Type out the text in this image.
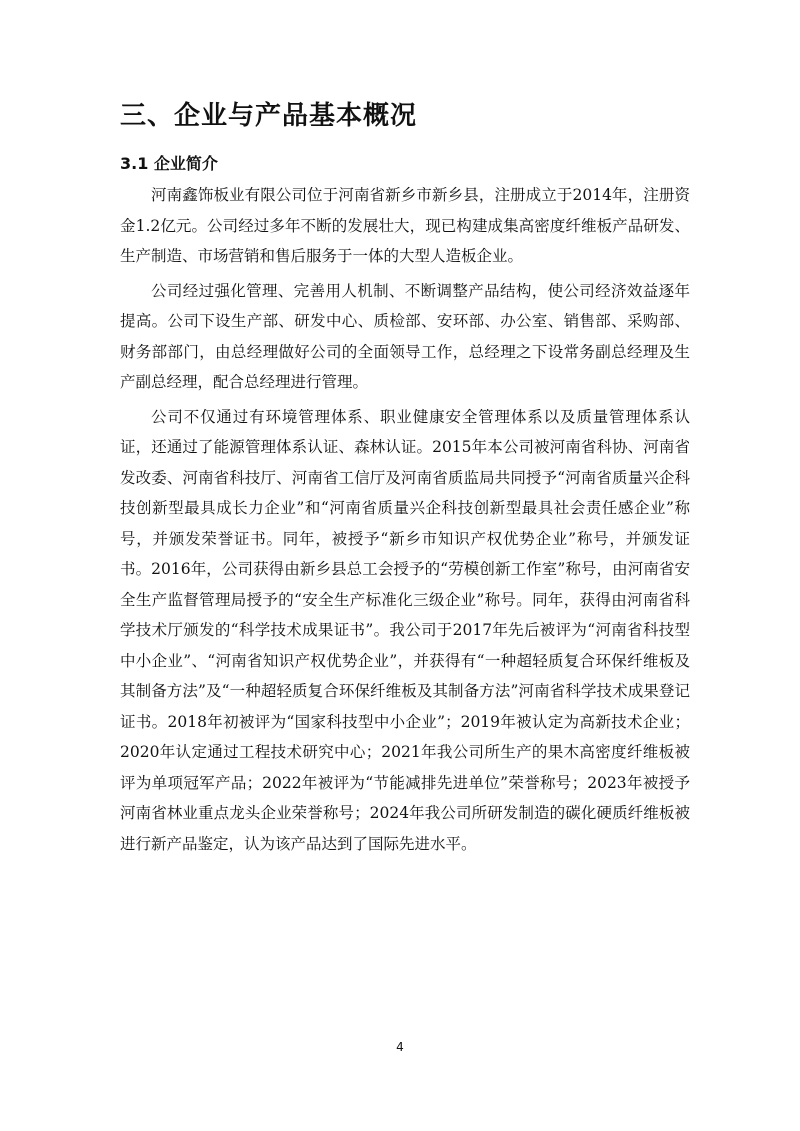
三、企业与产品基本概况
3.1 企业简介

河南鑫饰板业有限公司位于河南省新乡市新乡县，注册成立于2014年，注册资金1.2亿元。公司经过多年不断的发展壮大，现已构建成集高密度纤维板产品研发、生产制造、市场营销和售后服务于一体的大型人造板企业。

公司经过强化管理、完善用人机制、不断调整产品结构，使公司经济效益逐年提高。公司下设生产部、研发中心、质检部、安环部、办公室、销售部、采购部、财务部部门，由总经理做好公司的全面领导工作，总经理之下设常务副总经理及生产副总经理，配合总经理进行管理。

公司不仅通过有环境管理体系、职业健康安全管理体系以及质量管理体系认证，还通过了能源管理体系认证、森林认证。2015年本公司被河南省科协、河南省发改委、河南省科技厅、河南省工信厅及河南省质监局共同授予“河南省质量兴企科技创新型最具成长力企业”和“河南省质量兴企科技创新型最具社会责任感企业”称号，并颁发荣誉证书。同年，被授予“新乡市知识产权优势企业”称号，并颁发证书。2016年，公司获得由新乡县总工会授予的“劳模创新工作室”称号，由河南省安全生产监督管理局授予的“安全生产标准化三级企业”称号。同年，获得由河南省科学技术厅颁发的“科学技术成果证书”。我公司于2017年先后被评为“河南省科技型中小企业”、“河南省知识产权优势企业”，并获得有“一种超轻质复合环保纤维板及其制备方法”及“一种超轻质复合环保纤维板及其制备方法”河南省科学技术成果登记证书。2018年初被评为“国家科技型中小企业”；2019年被认定为高新技术企业；2020年认定通过工程技术研究中心；2021年我公司所生产的果木高密度纤维板被评为单项冠军产品；2022年被评为“节能减排先进单位”荣誉称号；2023年被授予河南省林业重点龙头企业荣誉称号；2024年我公司所研发制造的碳化硬质纤维板被进行新产品鉴定，认为该产品达到了国际先进水平。

4
